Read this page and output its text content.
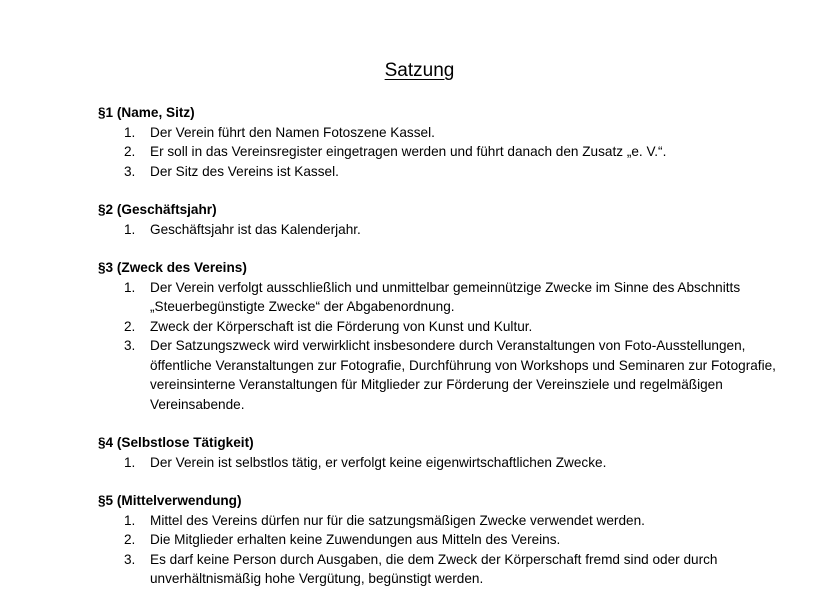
Satzung
§1 (Name, Sitz)
1. Der Verein führt den Namen Fotoszene Kassel.
2. Er soll in das Vereinsregister eingetragen werden und führt danach den Zusatz „e. V.“.
3. Der Sitz des Vereins ist Kassel.
§2 (Geschäftsjahr)
1. Geschäftsjahr ist das Kalenderjahr.
§3 (Zweck des Vereins)
1. Der Verein verfolgt ausschließlich und unmittelbar gemeinnützige Zwecke im Sinne des Abschnitts „Steuerbegünstigte Zwecke“ der Abgabenordnung.
2. Zweck der Körperschaft ist die Förderung von Kunst und Kultur.
3. Der Satzungszweck wird verwirklicht insbesondere durch Veranstaltungen von Foto-Ausstellungen, öffentliche Veranstaltungen zur Fotografie, Durchführung von Workshops und Seminaren zur Fotografie, vereinsinterne Veranstaltungen für Mitglieder zur Förderung der Vereinsziele und regelmäßigen Vereinsabende.
§4 (Selbstlose Tätigkeit)
1. Der Verein ist selbstlos tätig, er verfolgt keine eigenwirtschaftlichen Zwecke.
§5 (Mittelverwendung)
1. Mittel des Vereins dürfen nur für die satzungsmäßigen Zwecke verwendet werden.
2. Die Mitglieder erhalten keine Zuwendungen aus Mitteln des Vereins.
3. Es darf keine Person durch Ausgaben, die dem Zweck der Körperschaft fremd sind oder durch unverhältnismäßig hohe Vergütung, begünstigt werden.
